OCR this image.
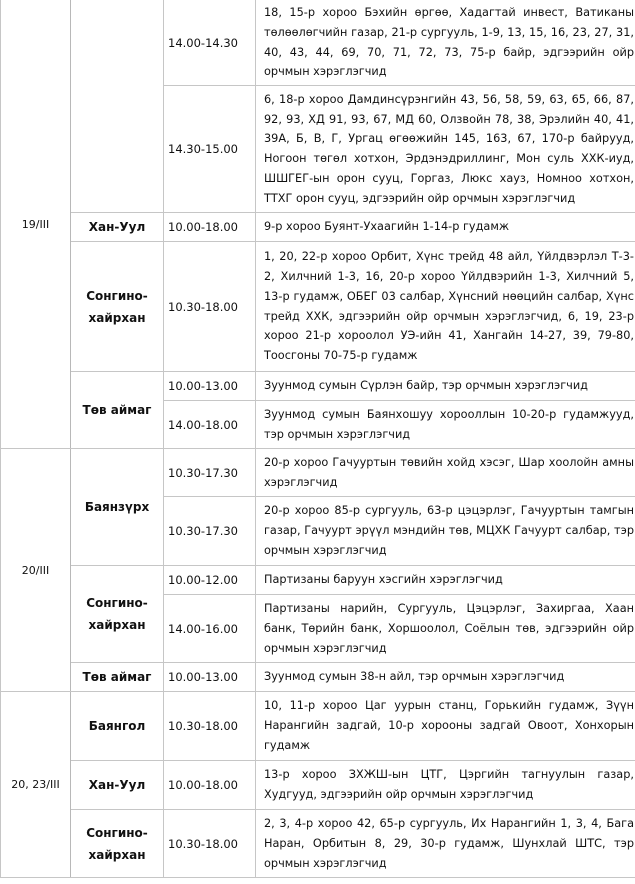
19/III		14.00-14.30	18, 15-р хороо Бэхийн өргөө, Хадагтай инвест, Ватиканы төлөөлөгчийн газар, 21-р сургууль, 1-9, 13, 15, 16, 23, 27, 31, 40, 43, 44, 69, 70, 71, 72, 73, 75-р байр, эдгээрийн ойр орчмын хэрэглэгчид
		14.30-15.00	6, 18-р хороо Дамдинсүрэнгийн 43, 56, 58, 59, 63, 65, 66, 87, 92, 93, ХД 91, 93, 67, МД 60, Олзвойн 78, 38, Эрэлийн 40, 41, 39А, Б, В, Г, Ургац өгөөжийн 145, 163, 67, 170-р байрууд, Ногоон төгөл хотхон, Эрдэнэдриллинг, Мон суль ХХК-иуд, ШШГЕГ-ын орон сууц, Горгаз, Люкс хауз, Номноо хотхон, ТТХГ орон сууц, эдгээрийн ойр орчмын хэрэглэгчид
	Хан-Уул	10.00-18.00	9-р хороо Буянт-Ухаагийн 1-14-р гудамж
	Сонгино-хайрхан	10.30-18.00	1, 20, 22-р хороо Орбит, Хүнс трейд 48 айл, Үйлдвэрлэл Т-3-2, Хилчний 1-3, 16, 20-р хороо Үйлдвэрийн 1-3, Хилчний 5, 13-р гудамж, ОБЕГ 03 салбар, Хүнсний нөөцийн салбар, Хүнс трейд ХХК, эдгээрийн ойр орчмын хэрэглэгчид, 6, 19, 23-р хороо 21-р хороолол УЭ-ийн 41, Хангайн 14-27, 39, 79-80, Тоосгоны 70-75-р гудамж
	Төв аймаг	10.00-13.00	Зуунмод сумын Сүрлэн байр, тэр орчмын хэрэглэгчид
		14.00-18.00	Зуунмод сумын Баянхошуу хорооллын 10-20-р гудамжууд, тэр орчмын хэрэглэгчид
20/III	Баянзүрх	10.30-17.30	20-р хороо Гачууртын төвийн хойд хэсэг, Шар хоолойн амны хэрэглэгчид
		10.30-17.30	20-р хороо 85-р сургууль, 63-р цэцэрлэг, Гачууртын тамгын газар, Гачуурт эрүүл мэндийн төв, МЦХК Гачуурт салбар, тэр орчмын хэрэглэгчид
	Сонгино-хайрхан	10.00-12.00	Партизаны баруун хэсгийн хэрэглэгчид
		14.00-16.00	Партизаны нарийн, Сургууль, Цэцэрлэг, Захиргаа, Хаан банк, Төрийн банк, Хоршоолол, Соёлын төв, эдгээрийн ойр орчмын хэрэглэгчид
	Төв аймаг	10.00-13.00	Зуунмод сумын 38-н айл, тэр орчмын хэрэглэгчид
20, 23/III	Баянгол	10.30-18.00	10, 11-р хороо Цаг уурын станц, Горькийн гудамж, Зүүн Нарангийн задгай, 10-р хорооны задгай Овоот, Хонхорын гудамж
	Хан-Уул	10.00-18.00	13-р хороо ЗХЖШ-ын ЦТГ, Цэргийн тагнуулын газар, Худгууд, эдгээрийн ойр орчмын хэрэглэгчид
	Сонгино-хайрхан	10.30-18.00	2, 3, 4-р хороо 42, 65-р сургууль, Их Нарангийн 1, 3, 4, Бага Наран, Орбитын 8, 29, 30-р гудамж, Шунхлай ШТС, тэр орчмын хэрэглэгчид
